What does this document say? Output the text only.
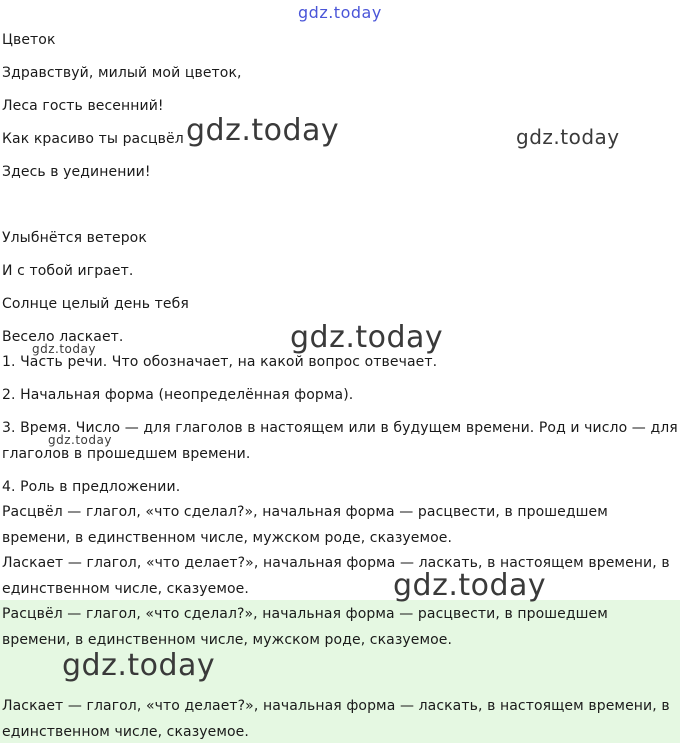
Цветок
Здравствуй, милый мой цветок,
Леса гость весенний!
Как красиво ты расцвёл
Здесь в уединении!
Улыбнётся ветерок
И с тобой играет.
Солнце целый день тебя
Весело ласкает.
1. Часть речи. Что обозначает, на какой вопрос отвечает.
2. Начальная форма (неопределённая форма).
3. Время. Число — для глаголов в настоящем или в будущем времени. Род и число — для
глаголов в прошедшем времени.
4. Роль в предложении.
Расцвёл — глагол, «что сделал?», начальная форма — расцвести, в прошедшем
времени, в единственном числе, мужском роде, сказуемое.
Ласкает — глагол, «что делает?», начальная форма — ласкать, в настоящем времени, в
единственном числе, сказуемое.
Расцвёл — глагол, «что сделал?», начальная форма — расцвести, в прошедшем
времени, в единственном числе, мужском роде, сказуемое.
Ласкает — глагол, «что делает?», начальная форма — ласкать, в настоящем времени, в
единственном числе, сказуемое.
gdz.today
gdz.today	gdz.today
gdz.today
gdz.today
gdz.today
gdz.today
gdz.today
